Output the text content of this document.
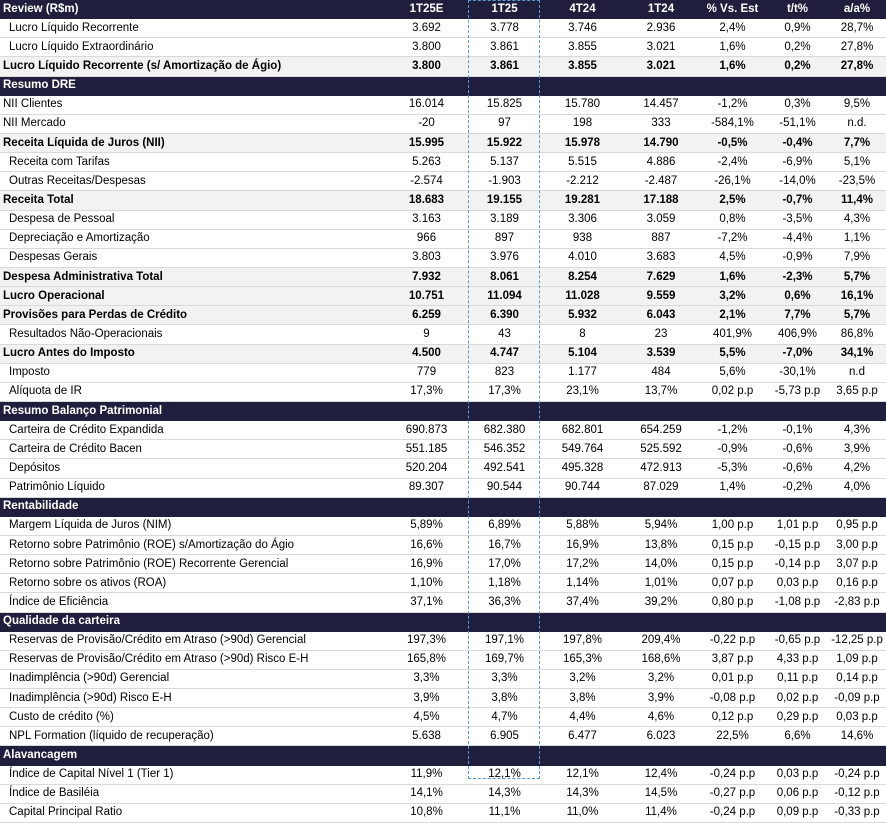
Review (R$m)	1T25E	1T25	4T24	1T24	% Vs. Est	t/t%	a/a%
Lucro Líquido Recorrente	3.692	3.778	3.746	2.936	2,4%	0,9%	28,7%
Lucro Líquido Extraordinário	3.800	3.861	3.855	3.021	1,6%	0,2%	27,8%
Lucro Líquido Recorrente (s/ Amortização de Ágio)	3.800	3.861	3.855	3.021	1,6%	0,2%	27,8%
Resumo DRE							
NII Clientes	16.014	15.825	15.780	14.457	-1,2%	0,3%	9,5%
NII Mercado	-20	97	198	333	-584,1%	-51,1%	n.d.
Receita Líquida de Juros (NII)	15.995	15.922	15.978	14.790	-0,5%	-0,4%	7,7%
Receita com Tarifas	5.263	5.137	5.515	4.886	-2,4%	-6,9%	5,1%
Outras Receitas/Despesas	-2.574	-1.903	-2.212	-2.487	-26,1%	-14,0%	-23,5%
Receita Total	18.683	19.155	19.281	17.188	2,5%	-0,7%	11,4%
Despesa de Pessoal	3.163	3.189	3.306	3.059	0,8%	-3,5%	4,3%
Depreciação e Amortização	966	897	938	887	-7,2%	-4,4%	1,1%
Despesas Gerais	3.803	3.976	4.010	3.683	4,5%	-0,9%	7,9%
Despesa Administrativa Total	7.932	8.061	8.254	7.629	1,6%	-2,3%	5,7%
Lucro Operacional	10.751	11.094	11.028	9.559	3,2%	0,6%	16,1%
Provisões para Perdas de Crédito	6.259	6.390	5.932	6.043	2,1%	7,7%	5,7%
Resultados Não-Operacionais	9	43	8	23	401,9%	406,9%	86,8%
Lucro Antes do Imposto	4.500	4.747	5.104	3.539	5,5%	-7,0%	34,1%
Imposto	779	823	1.177	484	5,6%	-30,1%	n.d
Alíquota de IR	17,3%	17,3%	23,1%	13,7%	0,02 p.p	-5,73 p.p	3,65 p.p
Resumo Balanço Patrimonial							
Carteira de Crédito Expandida	690.873	682.380	682.801	654.259	-1,2%	-0,1%	4,3%
Carteira de Crédito Bacen	551.185	546.352	549.764	525.592	-0,9%	-0,6%	3,9%
Depósitos	520.204	492.541	495.328	472.913	-5,3%	-0,6%	4,2%
Patrimônio Líquido	89.307	90.544	90.744	87.029	1,4%	-0,2%	4,0%
Rentabilidade							
Margem Líquida de Juros (NIM)	5,89%	6,89%	5,88%	5,94%	1,00 p.p	1,01 p.p	0,95 p.p
Retorno sobre Patrimônio (ROE) s/Amortização do Ágio	16,6%	16,7%	16,9%	13,8%	0,15 p.p	-0,15 p.p	3,00 p.p
Retorno sobre Patrimônio (ROE) Recorrente Gerencial	16,9%	17,0%	17,2%	14,0%	0,15 p.p	-0,14 p.p	3,07 p.p
Retorno sobre os ativos (ROA)	1,10%	1,18%	1,14%	1,01%	0,07 p.p	0,03 p.p	0,16 p.p
Índice de Eficiência	37,1%	36,3%	37,4%	39,2%	0,80 p.p	-1,08 p.p	-2,83 p.p
Qualidade da carteira							
Reservas de Provisão/Crédito em Atraso (>90d) Gerencial	197,3%	197,1%	197,8%	209,4%	-0,22 p.p	-0,65 p.p	-12,25 p.p
Reservas de Provisão/Crédito em Atraso (>90d) Risco E-H	165,8%	169,7%	165,3%	168,6%	3,87 p.p	4,33 p.p	1,09 p.p
Inadimplência (>90d) Gerencial	3,3%	3,3%	3,2%	3,2%	0,01 p.p	0,11 p.p	0,14 p.p
Inadimplência (>90d) Risco E-H	3,9%	3,8%	3,8%	3,9%	-0,08 p.p	0,02 p.p	-0,09 p.p
Custo de crédito (%)	4,5%	4,7%	4,4%	4,6%	0,12 p.p	0,29 p.p	0,03 p.p
NPL Formation (líquido de recuperação)	5.638	6.905	6.477	6.023	22,5%	6,6%	14,6%
Alavancagem							
Índice de Capital Nível 1 (Tier 1)	11,9%	12,1%	12,1%	12,4%	-0,24 p.p	0,03 p.p	-0,24 p.p
Índice de Basiléia	14,1%	14,3%	14,3%	14,5%	-0,27 p.p	0,06 p.p	-0,12 p.p
Capital Principal Ratio	10,8%	11,1%	11,0%	11,4%	-0,24 p.p	0,09 p.p	-0,33 p.p
